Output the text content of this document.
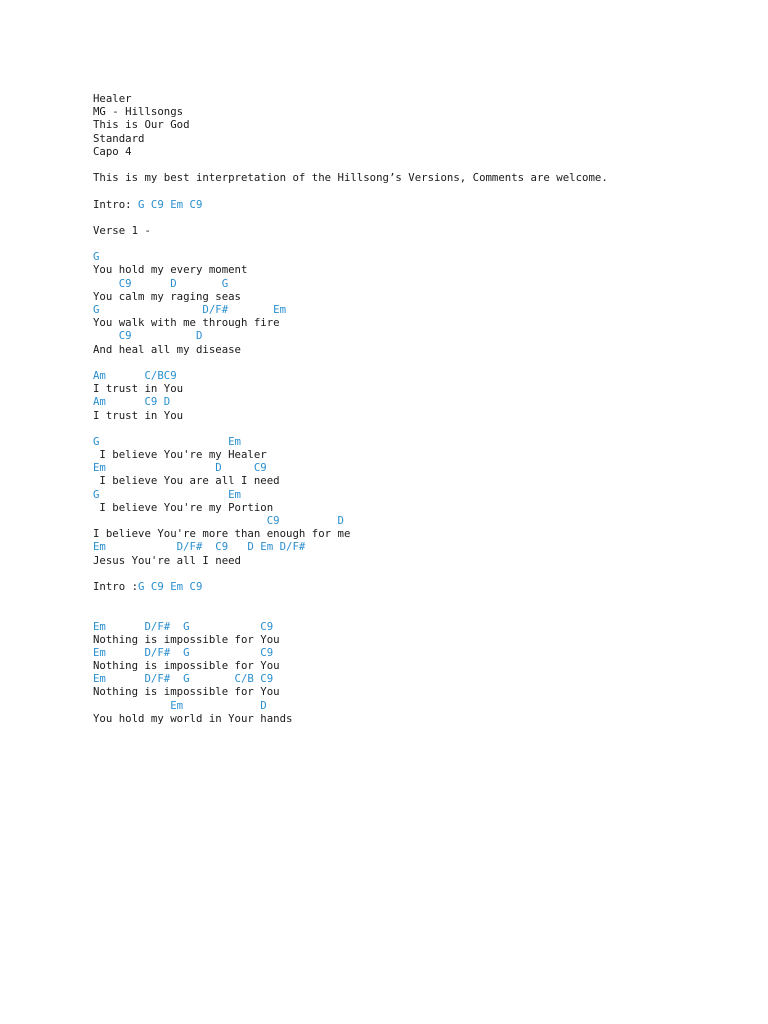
Healer
MG - Hillsongs
This is Our God
Standard
Capo 4
This is my best interpretation of the Hillsong’s Versions, Comments are welcome.
Intro: G C9 Em C9
Verse 1 -
G
You hold my every moment
C9      D       G
You calm my raging seas
G                D/F#       Em
You walk with me through fire
C9          D
And heal all my disease
Am      C/BC9
I trust in You
Am      C9 D
I trust in You
G                    Em
I believe You're my Healer
Em                 D     C9
I believe You are all I need
G                    Em
I believe You're my Portion
C9         D
I believe You're more than enough for me
Em           D/F#  C9   D Em D/F#
Jesus You're all I need
Intro :G C9 Em C9
Em      D/F#  G           C9
Nothing is impossible for You
Em      D/F#  G           C9
Nothing is impossible for You
Em      D/F#  G       C/B C9
Nothing is impossible for You
Em            D
You hold my world in Your hands
